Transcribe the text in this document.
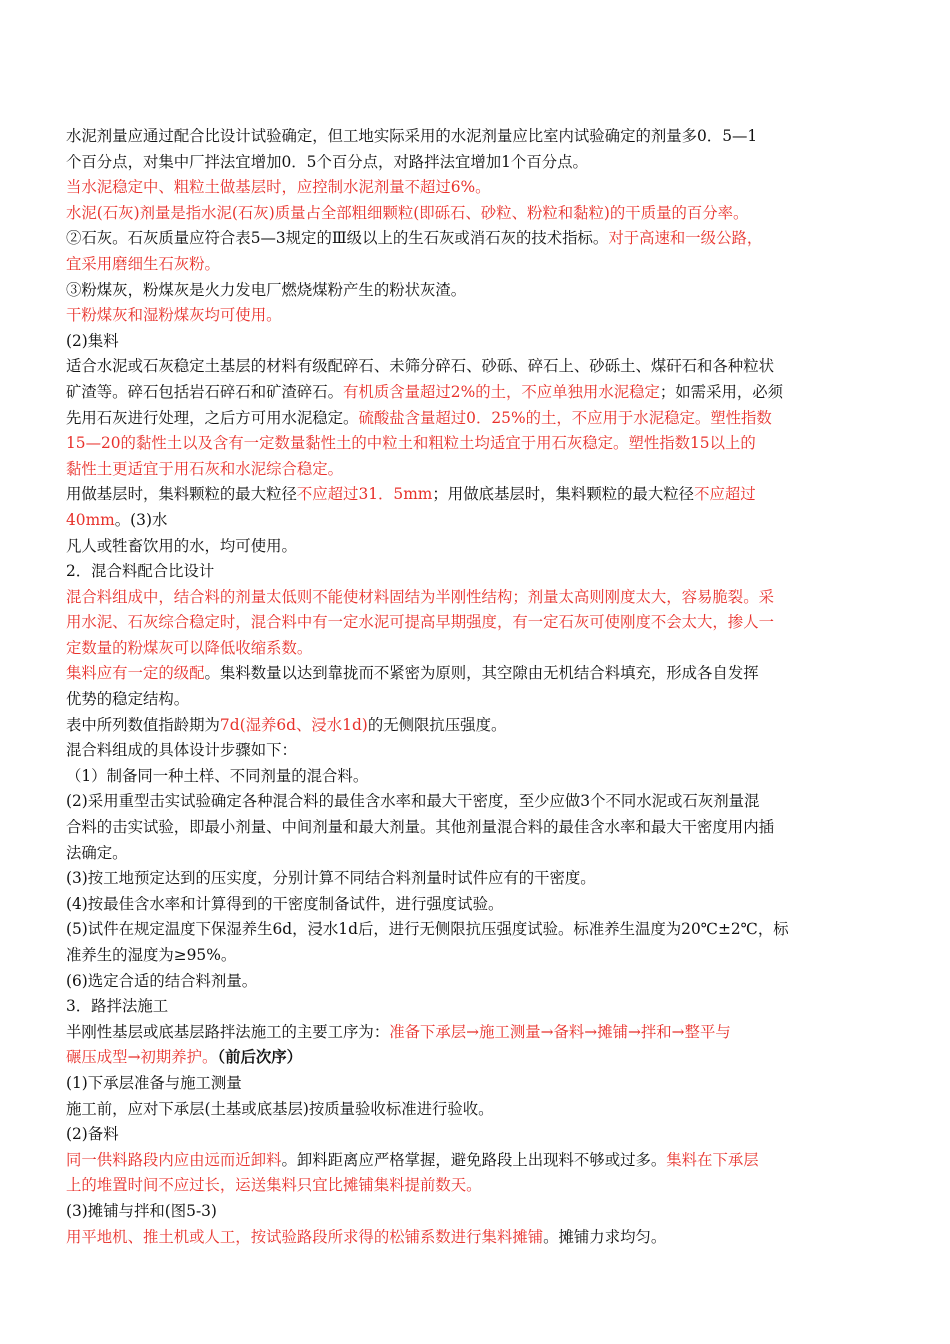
水泥剂量应通过配合比设计试验确定，但工地实际采用的水泥剂量应比室内试验确定的剂量多0．5—1
个百分点，对集中厂拌法宜增加0．5个百分点，对路拌法宜增加1个百分点。
当水泥稳定中、粗粒土做基层时，应控制水泥剂量不超过6%。
水泥(石灰)剂量是指水泥(石灰)质量占全部粗细颗粒(即砾石、砂粒、粉粒和黏粒)的干质量的百分率。
②石灰。石灰质量应符合表5—3规定的Ⅲ级以上的生石灰或消石灰的技术指标。对于高速和一级公路，
宜采用磨细生石灰粉。
③粉煤灰，粉煤灰是火力发电厂燃烧煤粉产生的粉状灰渣。
干粉煤灰和湿粉煤灰均可使用。
(2)集料
适合水泥或石灰稳定土基层的材料有级配碎石、未筛分碎石、砂砾、碎石上、砂砾土、煤矸石和各种粒状
矿渣等。碎石包括岩石碎石和矿渣碎石。有机质含量超过2%的土，不应单独用水泥稳定；如需采用，必须
先用石灰进行处理，之后方可用水泥稳定。硫酸盐含量超过0．25%的土，不应用于水泥稳定。塑性指数
15—20的黏性土以及含有一定数量黏性土的中粒土和粗粒土均适宜于用石灰稳定。塑性指数15以上的
黏性土更适宜于用石灰和水泥综合稳定。
用做基层时，集料颗粒的最大粒径不应超过31．5mm；用做底基层时，集料颗粒的最大粒径不应超过
40mm。(3)水
凡人或牲畜饮用的水，均可使用。
2．混合料配合比设计
混合料组成中，结合料的剂量太低则不能使材料固结为半刚性结构；剂量太高则刚度太大，容易脆裂。采
用水泥、石灰综合稳定时，混合料中有一定水泥可提高早期强度，有一定石灰可使刚度不会太大，掺人一
定数量的粉煤灰可以降低收缩系数。
集料应有一定的级配。集料数量以达到靠拢而不紧密为原则，其空隙由无机结合料填充，形成各自发挥
优势的稳定结构。
表中所列数值指龄期为7d(湿养6d、浸水1d)的无侧限抗压强度。
混合料组成的具体设计步骤如下：
（1）制备同一种土样、不同剂量的混合料。
(2)采用重型击实试验确定各种混合料的最佳含水率和最大干密度，至少应做3个不同水泥或石灰剂量混
合料的击实试验，即最小剂量、中间剂量和最大剂量。其他剂量混合料的最佳含水率和最大干密度用内插
法确定。
(3)按工地预定达到的压实度，分别计算不同结合料剂量时试件应有的干密度。
(4)按最佳含水率和计算得到的干密度制备试件，进行强度试验。
(5)试件在规定温度下保湿养生6d，浸水1d后，进行无侧限抗压强度试验。标准养生温度为20℃±2℃，标
准养生的湿度为≥95%。
(6)选定合适的结合料剂量。
3．路拌法施工
半刚性基层或底基层路拌法施工的主要工序为：准备下承层→施工测量→备料→摊铺→拌和→整平与
碾压成型→初期养护。（前后次序）
(1)下承层准备与施工测量
施工前，应对下承层(土基或底基层)按质量验收标准进行验收。
(2)备料
同一供料路段内应由远而近卸料。卸料距离应严格掌握，避免路段上出现料不够或过多。集料在下承层
上的堆置时间不应过长，运送集料只宜比摊铺集料提前数天。
(3)摊铺与拌和(图5-3)
用平地机、推土机或人工，按试验路段所求得的松铺系数进行集料摊铺。摊铺力求均匀。
